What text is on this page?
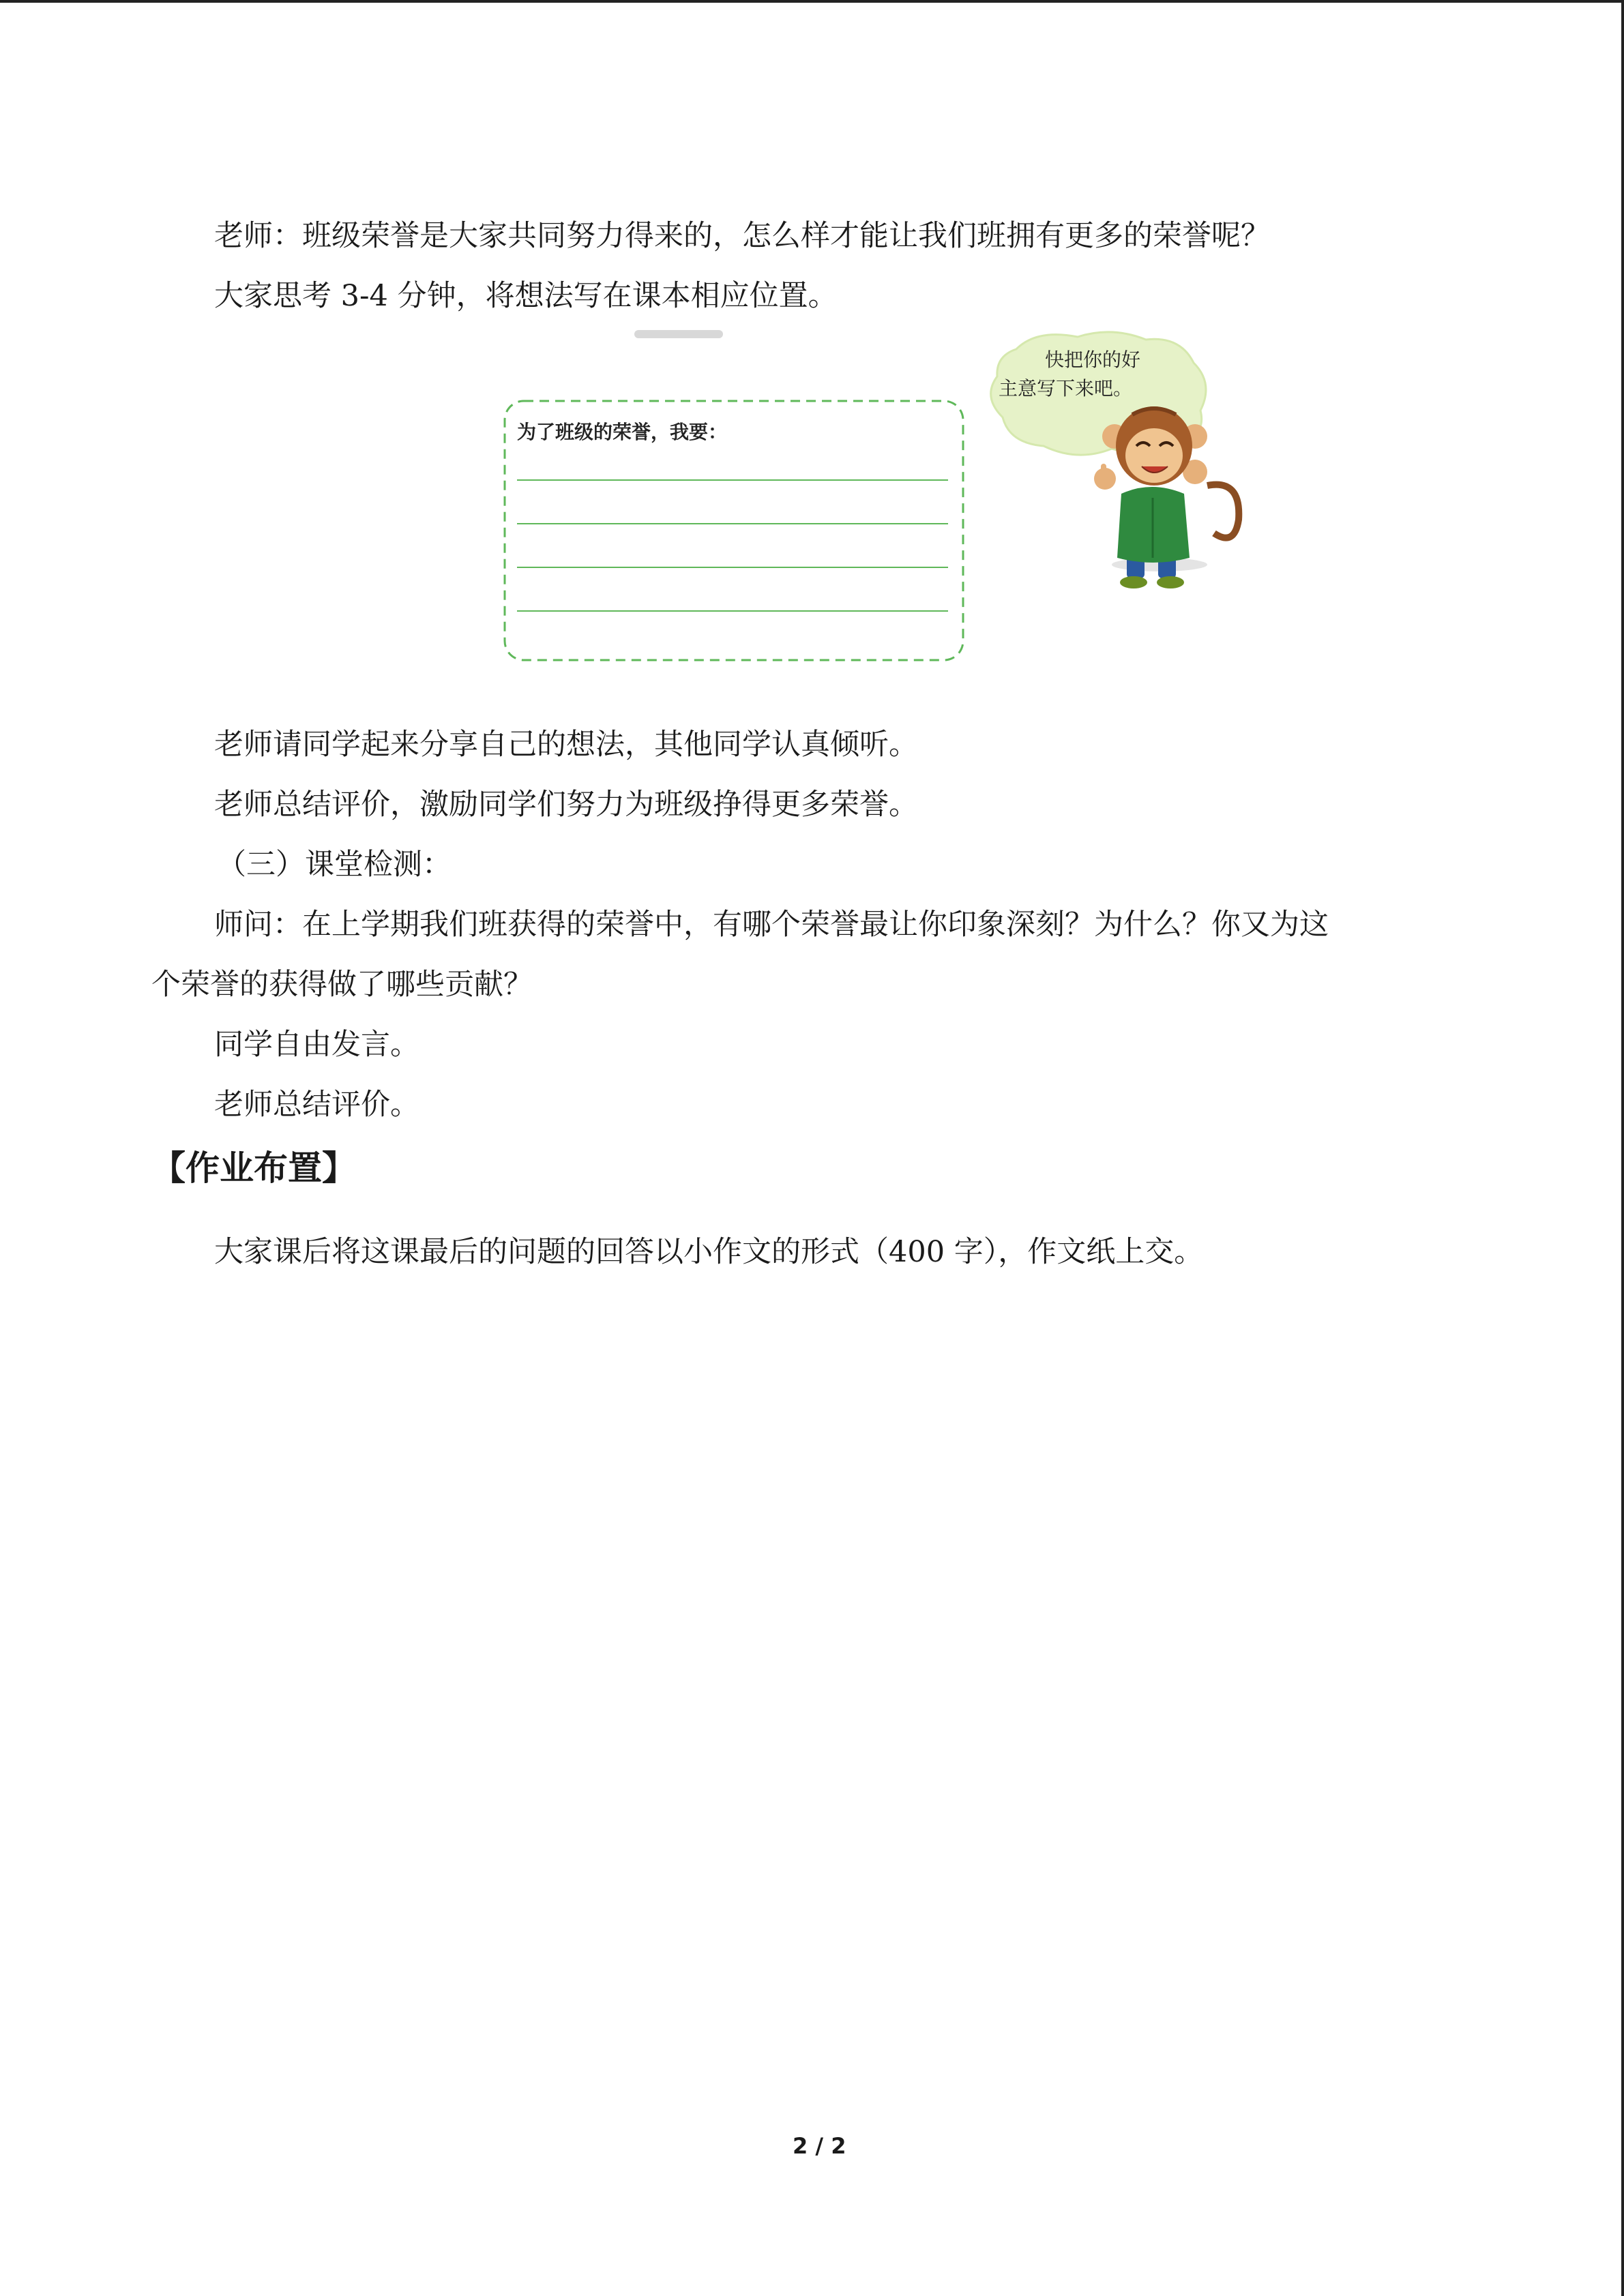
老师：班级荣誉是大家共同努力得来的，怎么样才能让我们班拥有更多的荣誉呢？

大家思考 3-4 分钟，将想法写在课本相应位置。

为了班级的荣誉，我要：
快把你的好
主意写下来吧。

老师请同学起来分享自己的想法，其他同学认真倾听。

老师总结评价，激励同学们努力为班级挣得更多荣誉。

（三）课堂检测：

师问：在上学期我们班获得的荣誉中，有哪个荣誉最让你印象深刻？为什么？你又为这

个荣誉的获得做了哪些贡献？

同学自由发言。

老师总结评价。

【作业布置】

大家课后将这课最后的问题的回答以小作文的形式（400 字），作文纸上交。

2 / 2
